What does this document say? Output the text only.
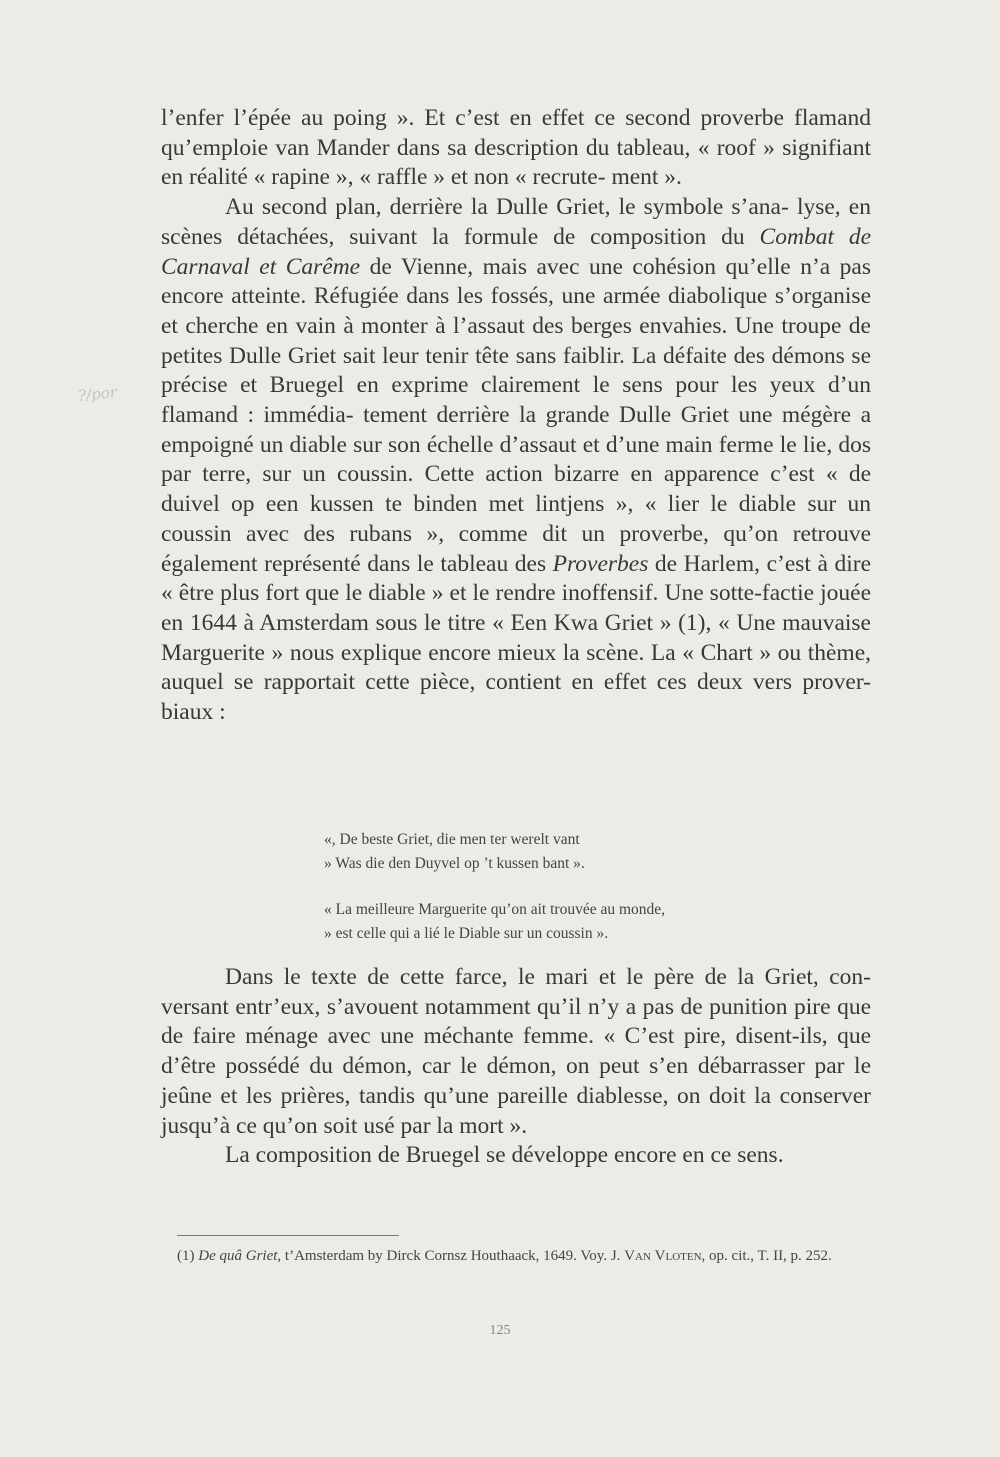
?/por

l’enfer l’épée au poing ». Et c’est en effet ce second proverbe flamand qu’emploie van Mander dans sa description du tableau, « roof » signifiant en réalité « rapine », « raffle » et non « recrute- ment ».

Au second plan, derrière la Dulle Griet, le symbole s’ana- lyse, en scènes détachées, suivant la formule de composition du Combat de Carnaval et Carême de Vienne, mais avec une cohésion qu’elle n’a pas encore atteinte. Réfugiée dans les fossés, une armée diabolique s’organise et cherche en vain à monter à l’assaut des berges envahies. Une troupe de petites Dulle Griet sait leur tenir tête sans faiblir. La défaite des démons se précise et Bruegel en exprime clairement le sens pour les yeux d’un flamand : immédia- tement derrière la grande Dulle Griet une mégère a empoigné un diable sur son échelle d’assaut et d’une main ferme le lie, dos par terre, sur un coussin. Cette action bizarre en apparence c’est « de duivel op een kussen te binden met lintjens », « lier le diable sur un coussin avec des rubans », comme dit un proverbe, qu’on retrouve également représenté dans le tableau des Proverbes de Harlem, c’est à dire « être plus fort que le diable » et le rendre inoffensif. Une sotte-factie jouée en 1644 à Amsterdam sous le titre « Een Kwa Griet » (1), « Une mauvaise Marguerite » nous explique encore mieux la scène. La « Chart » ou thème, auquel se rapportait cette pièce, contient en effet ces deux vers prover- biaux :

«, De beste Griet, die men ter werelt vant
» Was die den Duyvel op ’t kussen bant ».
« La meilleure Marguerite qu’on ait trouvée au monde,
» est celle qui a lié le Diable sur un coussin ».

Dans le texte de cette farce, le mari et le père de la Griet, con- versant entr’eux, s’avouent notamment qu’il n’y a pas de punition pire que de faire ménage avec une méchante femme. « C’est pire, disent-ils, que d’être possédé du démon, car le démon, on peut s’en débarrasser par le jeûne et les prières, tandis qu’une pareille diablesse, on doit la conserver jusqu’à ce qu’on soit usé par la mort ».

La composition de Bruegel se développe encore en ce sens.

(1) De quâ Griet, t’Amsterdam by Dirck Cornsz Houthaack, 1649. Voy. J. Van Vloten, op. cit., T. II, p. 252.
125
